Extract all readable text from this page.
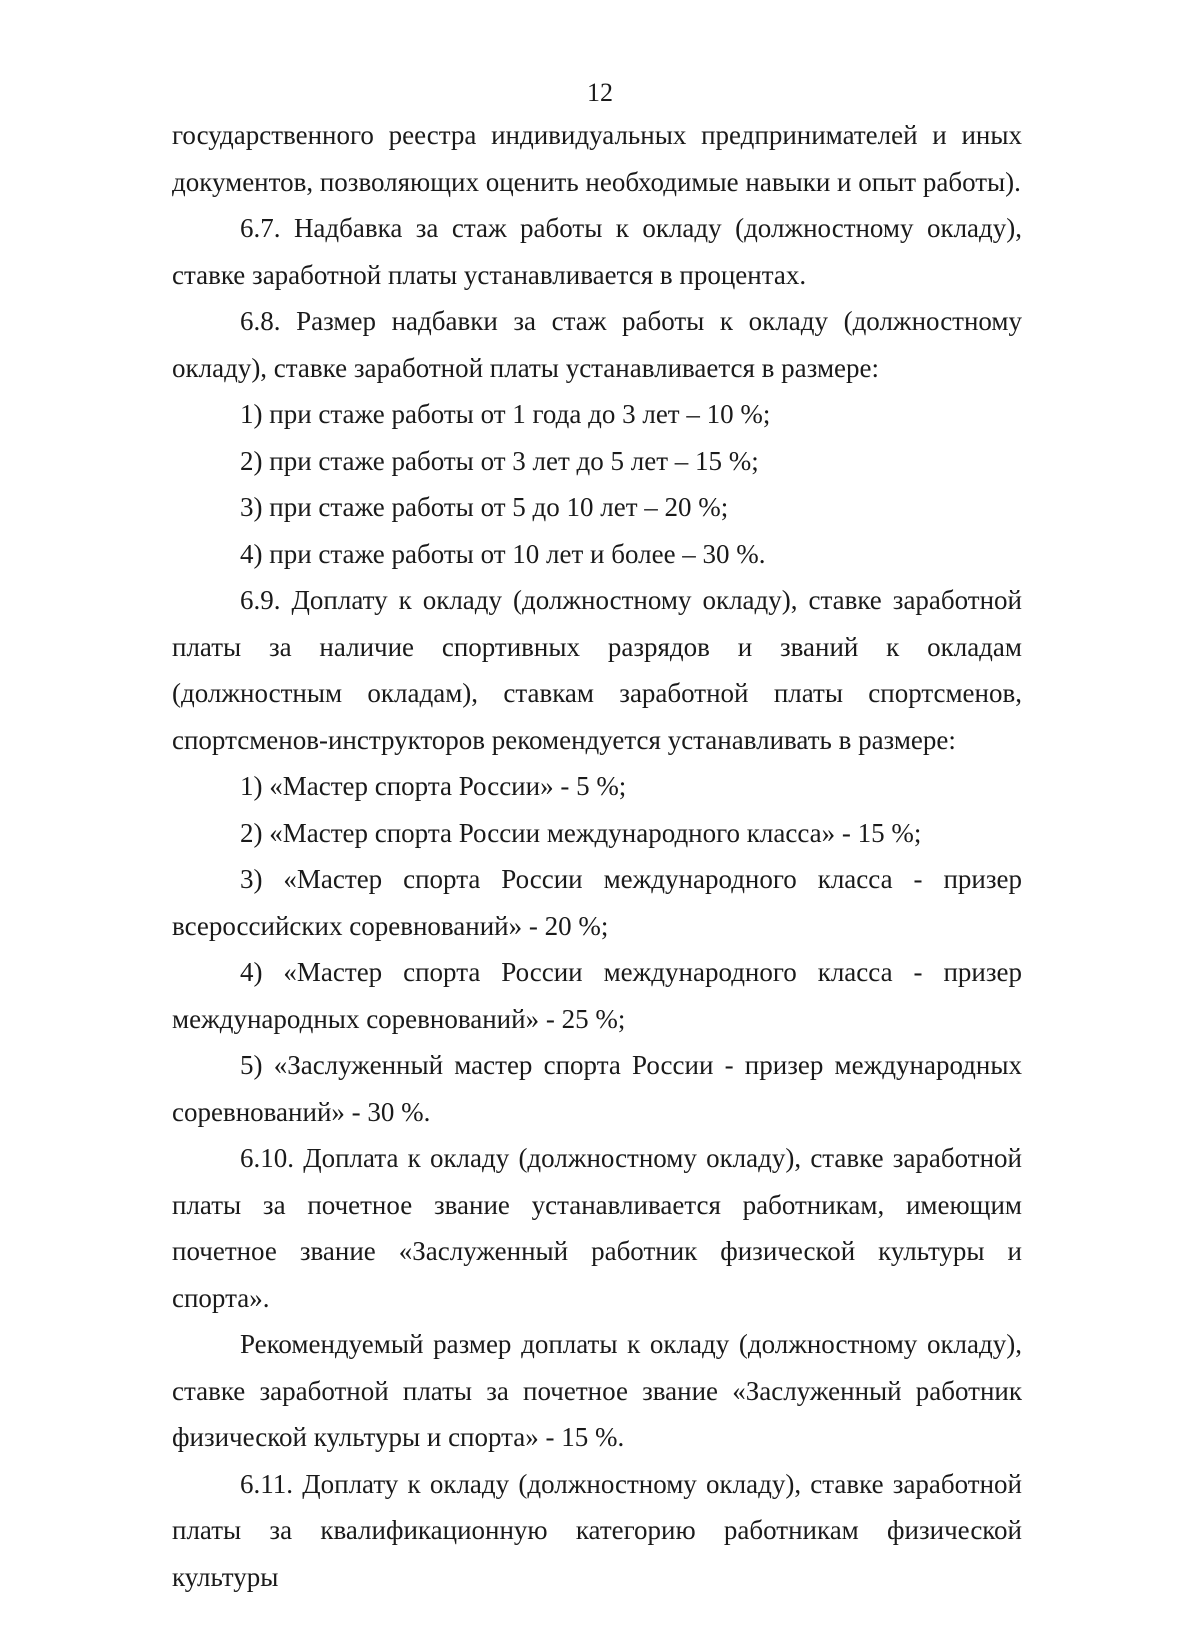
12

государственного реестра индивидуальных предпринимателей и иных документов, позволяющих оценить необходимые навыки и опыт работы).

6.7. Надбавка за стаж работы к окладу (должностному окладу), ставке заработной платы устанавливается в процентах.

6.8. Размер надбавки за стаж работы к окладу (должностному окладу), ставке заработной платы устанавливается в размере:

1) при стаже работы от 1 года до 3 лет – 10 %;

2) при стаже работы от 3 лет до 5 лет – 15 %;

3) при стаже работы от 5 до 10 лет – 20 %;

4) при стаже работы от 10 лет и более – 30 %.

6.9. Доплату к окладу (должностному окладу), ставке заработной платы за наличие спортивных разрядов и званий к окладам (должностным окладам), ставкам заработной платы спортсменов, спортсменов-инструкторов рекомендуется устанавливать в размере:

1) «Мастер спорта России» - 5 %;

2) «Мастер спорта России международного класса» - 15 %;

3) «Мастер спорта России международного класса - призер всероссийских соревнований» - 20 %;

4) «Мастер спорта России международного класса - призер международных соревнований» - 25 %;

5) «Заслуженный мастер спорта России - призер международных соревнований» - 30 %.

6.10. Доплата к окладу (должностному окладу), ставке заработной платы за почетное звание устанавливается работникам, имеющим почетное звание «Заслуженный работник физической культуры и спорта».

Рекомендуемый размер доплаты к окладу (должностному окладу), ставке заработной платы за почетное звание «Заслуженный работник физической культуры и спорта» - 15 %.

6.11. Доплату к окладу (должностному окладу), ставке заработной платы за квалификационную категорию работникам физической культуры
